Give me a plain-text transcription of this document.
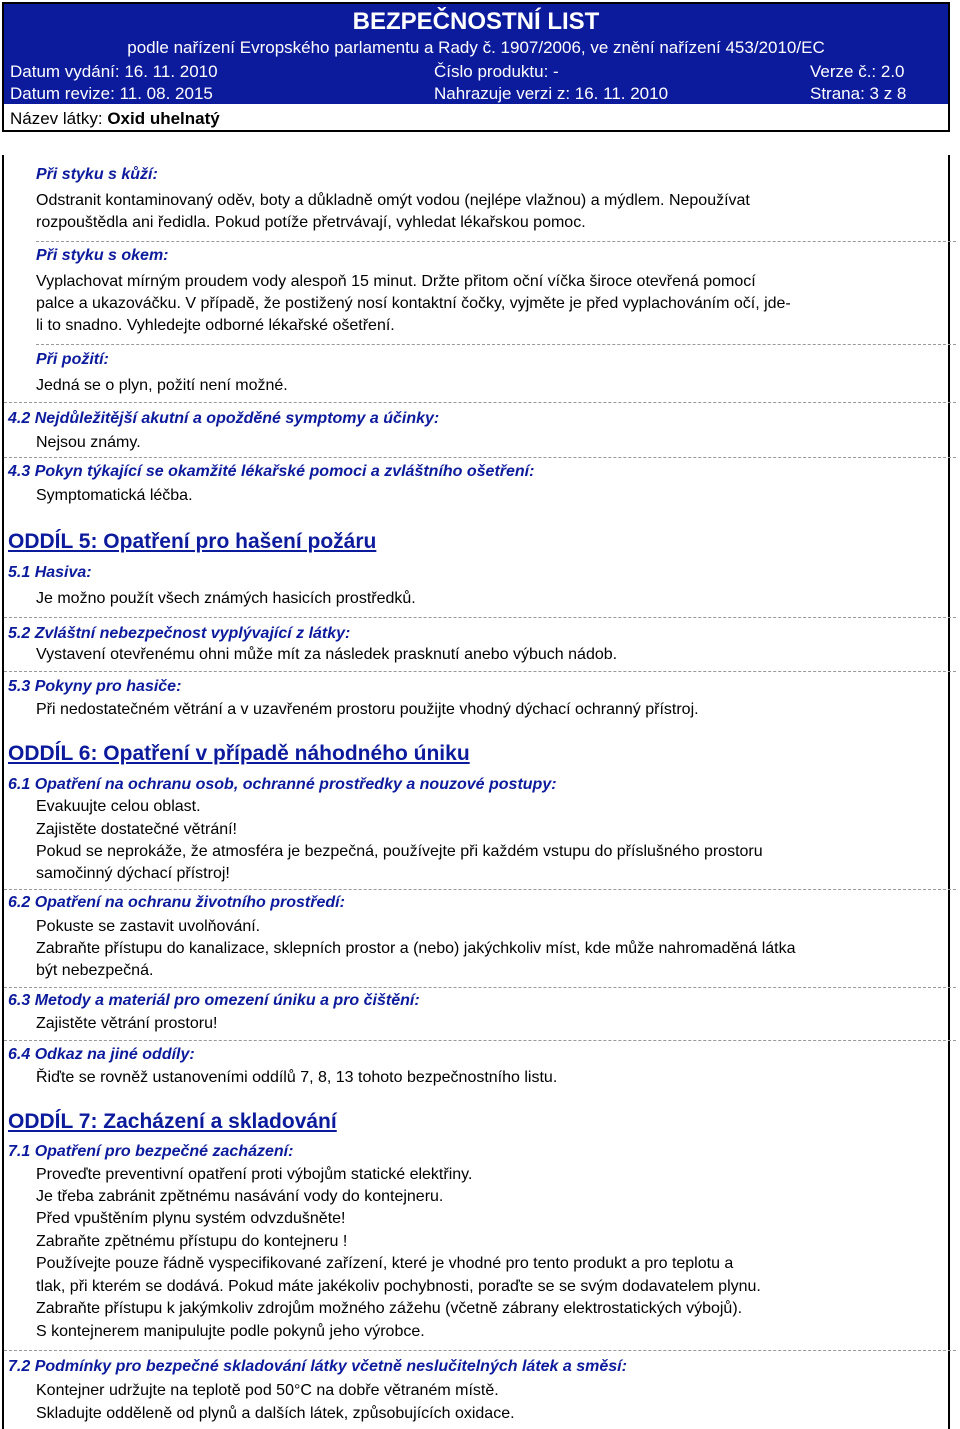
BEZPEČNOSTNÍ LIST
podle nařízení Evropského parlamentu a Rady č. 1907/2006, ve znění nařízení 453/2010/EC
Datum vydání: 16. 11. 2010	Číslo produktu: -	Verze č.: 2.0
Datum revize: 11. 08. 2015	Nahrazuje verzi z: 16. 11. 2010	Strana: 3 z 8
Název látky: Oxid uhelnatý
Při styku s kůží:
Odstranit kontaminovaný oděv, boty a důkladně omýt vodou (nejlépe vlažnou) a mýdlem. Nepoužívat
rozpouštědla ani ředidla. Pokud potíže přetrvávají, vyhledat lékařskou pomoc.
Při styku s okem:
Vyplachovat mírným proudem vody alespoň 15 minut. Držte přitom oční víčka široce otevřená pomocí
palce a ukazováčku. V případě, že postižený nosí kontaktní čočky, vyjměte je před vyplachováním očí, jde-
li to snadno. Vyhledejte odborné lékařské ošetření.
Při požití:
Jedná se o plyn, požití není možné.
4.2 Nejdůležitější akutní a opožděné symptomy a účinky:
Nejsou známy.
4.3 Pokyn týkající se okamžité lékařské pomoci a zvláštního ošetření:
Symptomatická léčba.
ODDÍL 5: Opatření pro hašení požáru
5.1 Hasiva:
Je možno použít všech známých hasicích prostředků.
5.2 Zvláštní nebezpečnost vyplývající z látky:
Vystavení otevřenému ohni může mít za následek prasknutí anebo výbuch nádob.
5.3 Pokyny pro hasiče:
Při nedostatečném větrání a v uzavřeném prostoru použijte vhodný dýchací ochranný přístroj.
ODDÍL 6: Opatření v případě náhodného úniku
6.1 Opatření na ochranu osob, ochranné prostředky a nouzové postupy:
Evakuujte celou oblast.
Zajistěte dostatečné větrání!
Pokud se neprokáže, že atmosféra je bezpečná, používejte při každém vstupu do příslušného prostoru
samočinný dýchací přístroj!
6.2 Opatření na ochranu životního prostředí:
Pokuste se zastavit uvolňování.
Zabraňte přístupu do kanalizace, sklepních prostor a (nebo) jakýchkoliv míst, kde může nahromaděná látka
být nebezpečná.
6.3 Metody a materiál pro omezení úniku a pro čištění:
Zajistěte větrání prostoru!
6.4 Odkaz na jiné oddíly:
Řiďte se rovněž ustanoveními oddílů 7, 8, 13 tohoto bezpečnostního listu.
ODDÍL 7: Zacházení a skladování
7.1 Opatření pro bezpečné zacházení:
Proveďte preventivní opatření proti výbojům statické elektřiny.
Je třeba zabránit zpětnému nasávání vody do kontejneru.
Před vpuštěním plynu systém odvzdušněte!
Zabraňte zpětnému přístupu do kontejneru !
Používejte pouze řádně vyspecifikované zařízení, které je vhodné pro tento produkt a pro teplotu a
tlak, při kterém se dodává. Pokud máte jakékoliv pochybnosti, poraďte se se svým dodavatelem plynu.
Zabraňte přístupu k jakýmkoliv zdrojům možného zážehu (včetně zábrany elektrostatických výbojů).
S kontejnerem manipulujte podle pokynů jeho výrobce.
7.2 Podmínky pro bezpečné skladování látky včetně neslučitelných látek a směsí:
Kontejner udržujte na teplotě pod 50°C na dobře větraném místě.
Skladujte odděleně od plynů a dalších látek, způsobujících oxidace.
